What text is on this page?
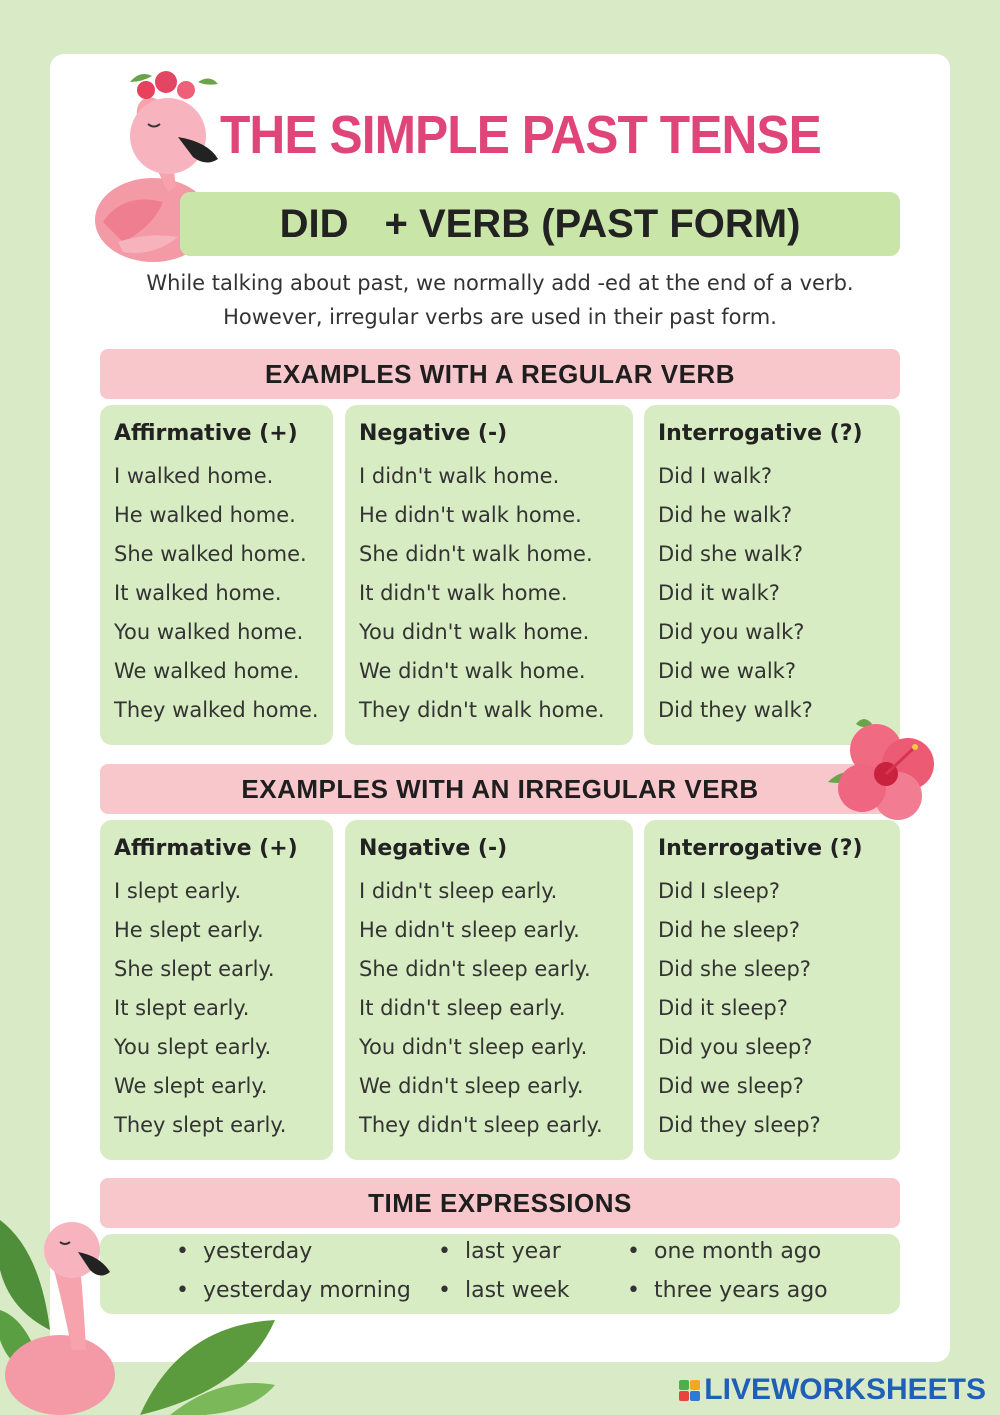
THE SIMPLE PAST TENSE
DID + VERB (PAST FORM)
While talking about past, we normally add -ed at the end of a verb.
However, irregular verbs are used in their past form.
EXAMPLES WITH A REGULAR VERB
Affirmative (+)
I walked home.
He walked home.
She walked home.
It walked home.
You walked home.
We walked home.
They walked home.
Negative (-)
I didn't walk home.
He didn't walk home.
She didn't walk home.
It didn't walk home.
You didn't walk home.
We didn't walk home.
They didn't walk home.
Interrogative (?)
Did I walk?
Did he walk?
Did she walk?
Did it walk?
Did you walk?
Did we walk?
Did they walk?
EXAMPLES WITH AN IRREGULAR VERB
Affirmative (+)
I slept early.
He slept early.
She slept early.
It slept early.
You slept early.
We slept early.
They slept early.
Negative (-)
I didn't sleep early.
He didn't sleep early.
She didn't sleep early.
It didn't sleep early.
You didn't sleep early.
We didn't sleep early.
They didn't sleep early.
Interrogative (?)
Did I sleep?
Did he sleep?
Did she sleep?
Did it sleep?
Did you sleep?
Did we sleep?
Did they sleep?
TIME EXPRESSIONS
• yesterday
• yesterday morning
• last year
• last week
• one month ago
• three years ago
LIVEWORKSHEETS
